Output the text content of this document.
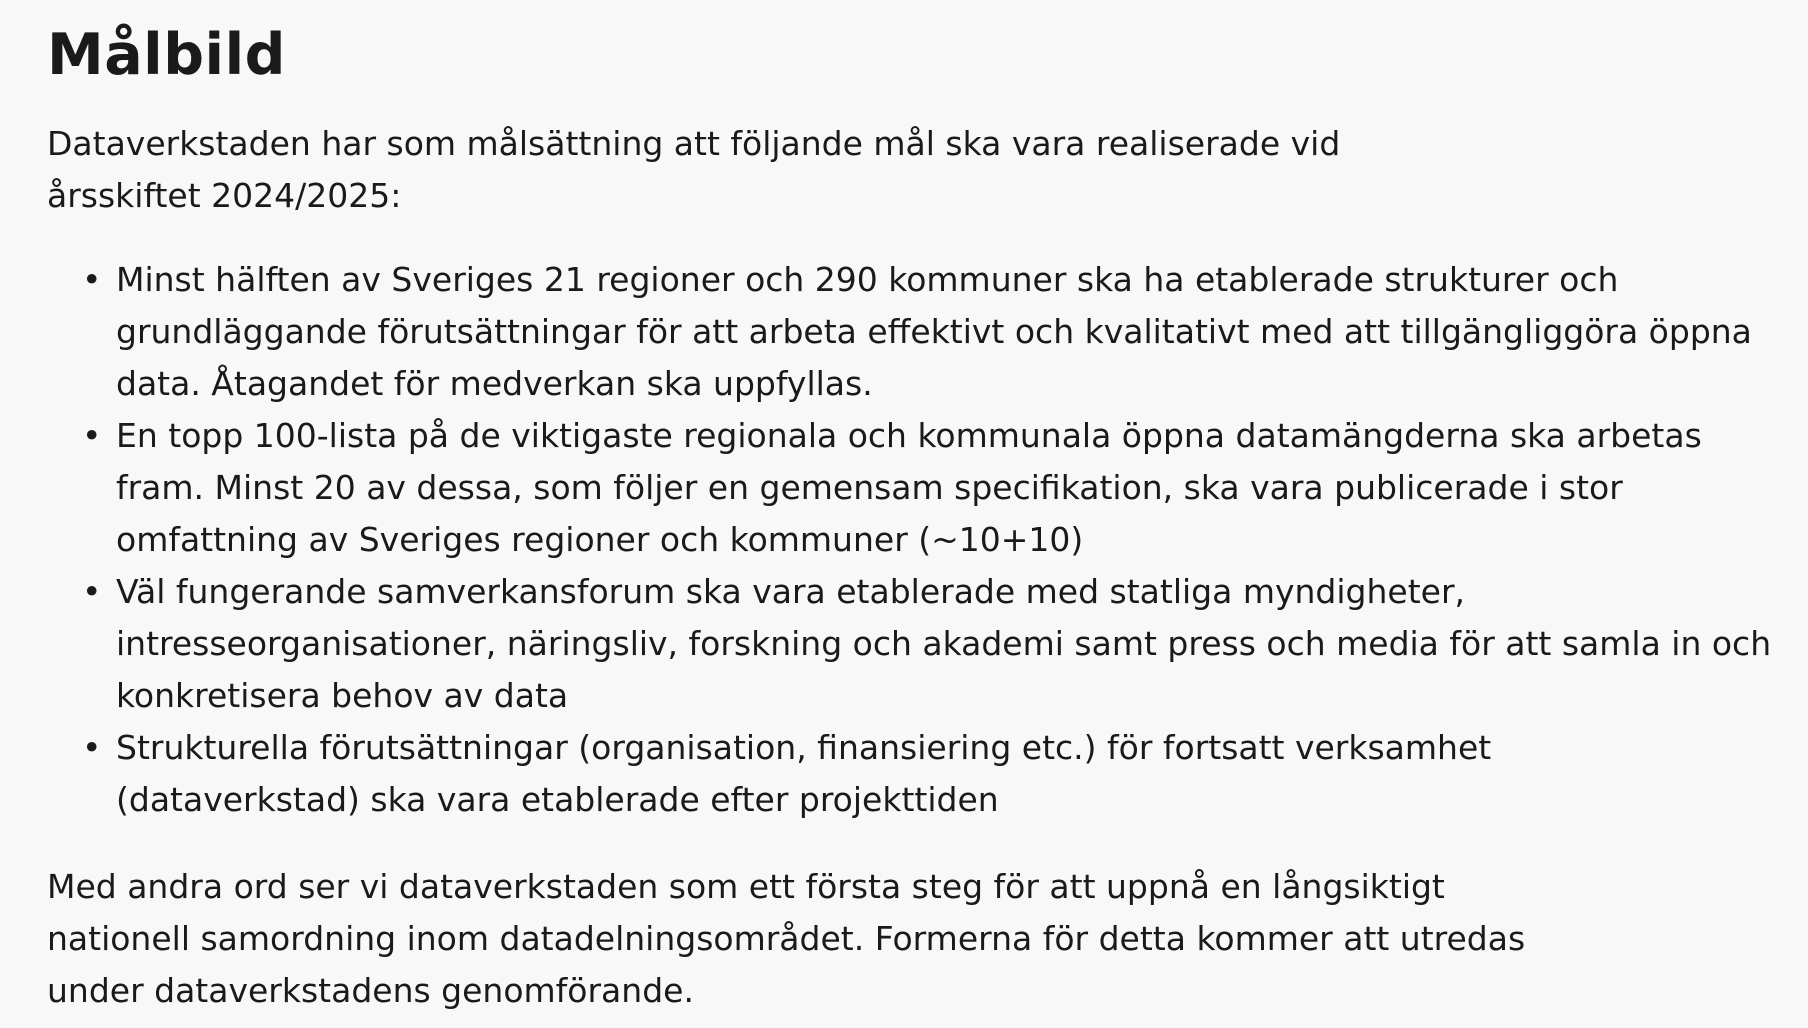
Målbild

Dataverkstaden har som målsättning att följande mål ska vara realiserade vid årsskiftet 2024/2025:

• Minst hälften av Sveriges 21 regioner och 290 kommuner ska ha etablerade strukturer och grundläggande förutsättningar för att arbeta effektivt och kvalitativt med att tillgängliggöra öppna data. Åtagandet för medverkan ska uppfyllas.
• En topp 100-lista på de viktigaste regionala och kommunala öppna datamängderna ska arbetas fram. Minst 20 av dessa, som följer en gemensam specifikation, ska vara publicerade i stor omfattning av Sveriges regioner och kommuner (~10+10)
• Väl fungerande samverkansforum ska vara etablerade med statliga myndigheter, intresseorganisationer, näringsliv, forskning och akademi samt press och media för att samla in och konkretisera behov av data
• Strukturella förutsättningar (organisation, finansiering etc.) för fortsatt verksamhet (dataverkstad) ska vara etablerade efter projekttiden

Med andra ord ser vi dataverkstaden som ett första steg för att uppnå en långsiktigt nationell samordning inom datadelningsområdet. Formerna för detta kommer att utredas under dataverkstadens genomförande.
